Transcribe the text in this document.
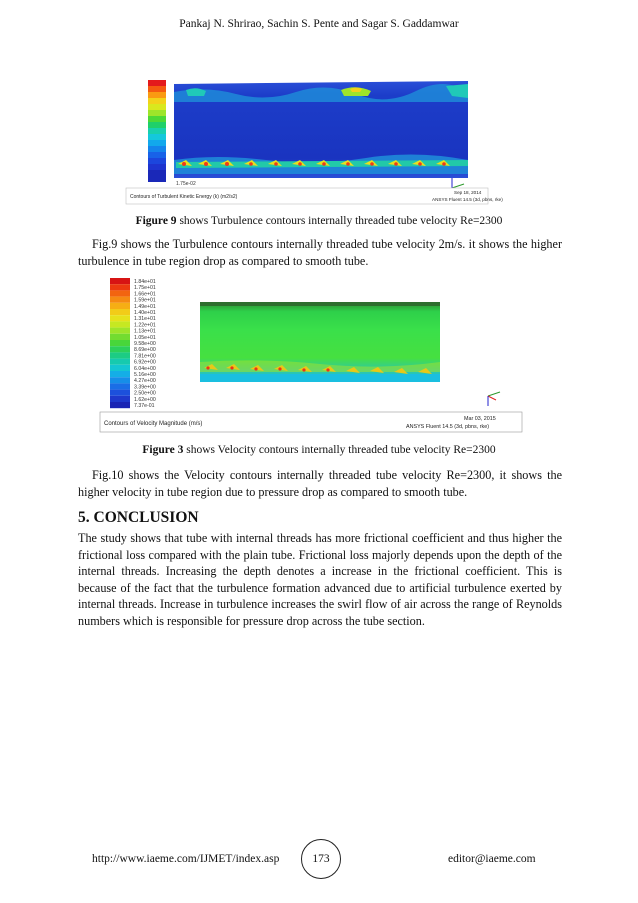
Pankaj N. Shrirao, Sachin S. Pente and Sagar S. Gaddamwar
1.75e-02
Contours of Turbulent Kinetic Energy (k) (m2/s2)
Sep 18, 2014
ANSYS Fluent 14.5 (3d, pbns, rke)
Figure 9 shows Turbulence contours internally threaded tube velocity Re=2300

Fig.9 shows the Turbulence contours internally threaded tube velocity 2m/s. it shows the higher turbulence in tube region drop as compared to smooth tube.

1.84e+01
1.75e+01
1.66e+01
1.59e+01
1.49e+01
1.40e+01
1.31e+01
1.22e+01
1.13e+01
1.05e+01
9.58e+00
8.69e+00
7.81e+00
6.92e+00
6.04e+00
5.16e+00
4.27e+00
3.39e+00
2.50e+00
1.62e+00
7.37e-01
Contours of Velocity Magnitude (m/s)
Mar 03, 2015
ANSYS Fluent 14.5 (3d, pbns, rke)
Figure 3 shows Velocity contours internally threaded tube velocity Re=2300

Fig.10 shows the Velocity contours internally threaded tube velocity Re=2300, it shows the higher velocity in tube region due to pressure drop as compared to smooth tube.

5. CONCLUSION

The study shows that tube with internal threads has more frictional coefficient and thus higher the frictional loss compared with the plain tube. Frictional loss majorly depends upon the depth of the internal threads. Increasing the depth denotes a increase in the frictional coefficient. This is because of the fact that the turbulence formation advanced due to artificial turbulence exerted by internal threads. Increase in turbulence increases the swirl flow of air across the range of Reynolds numbers which is responsible for pressure drop across the tube section.

http://www.iaeme.com/IJMET/index.asp	173	editor@iaeme.com
